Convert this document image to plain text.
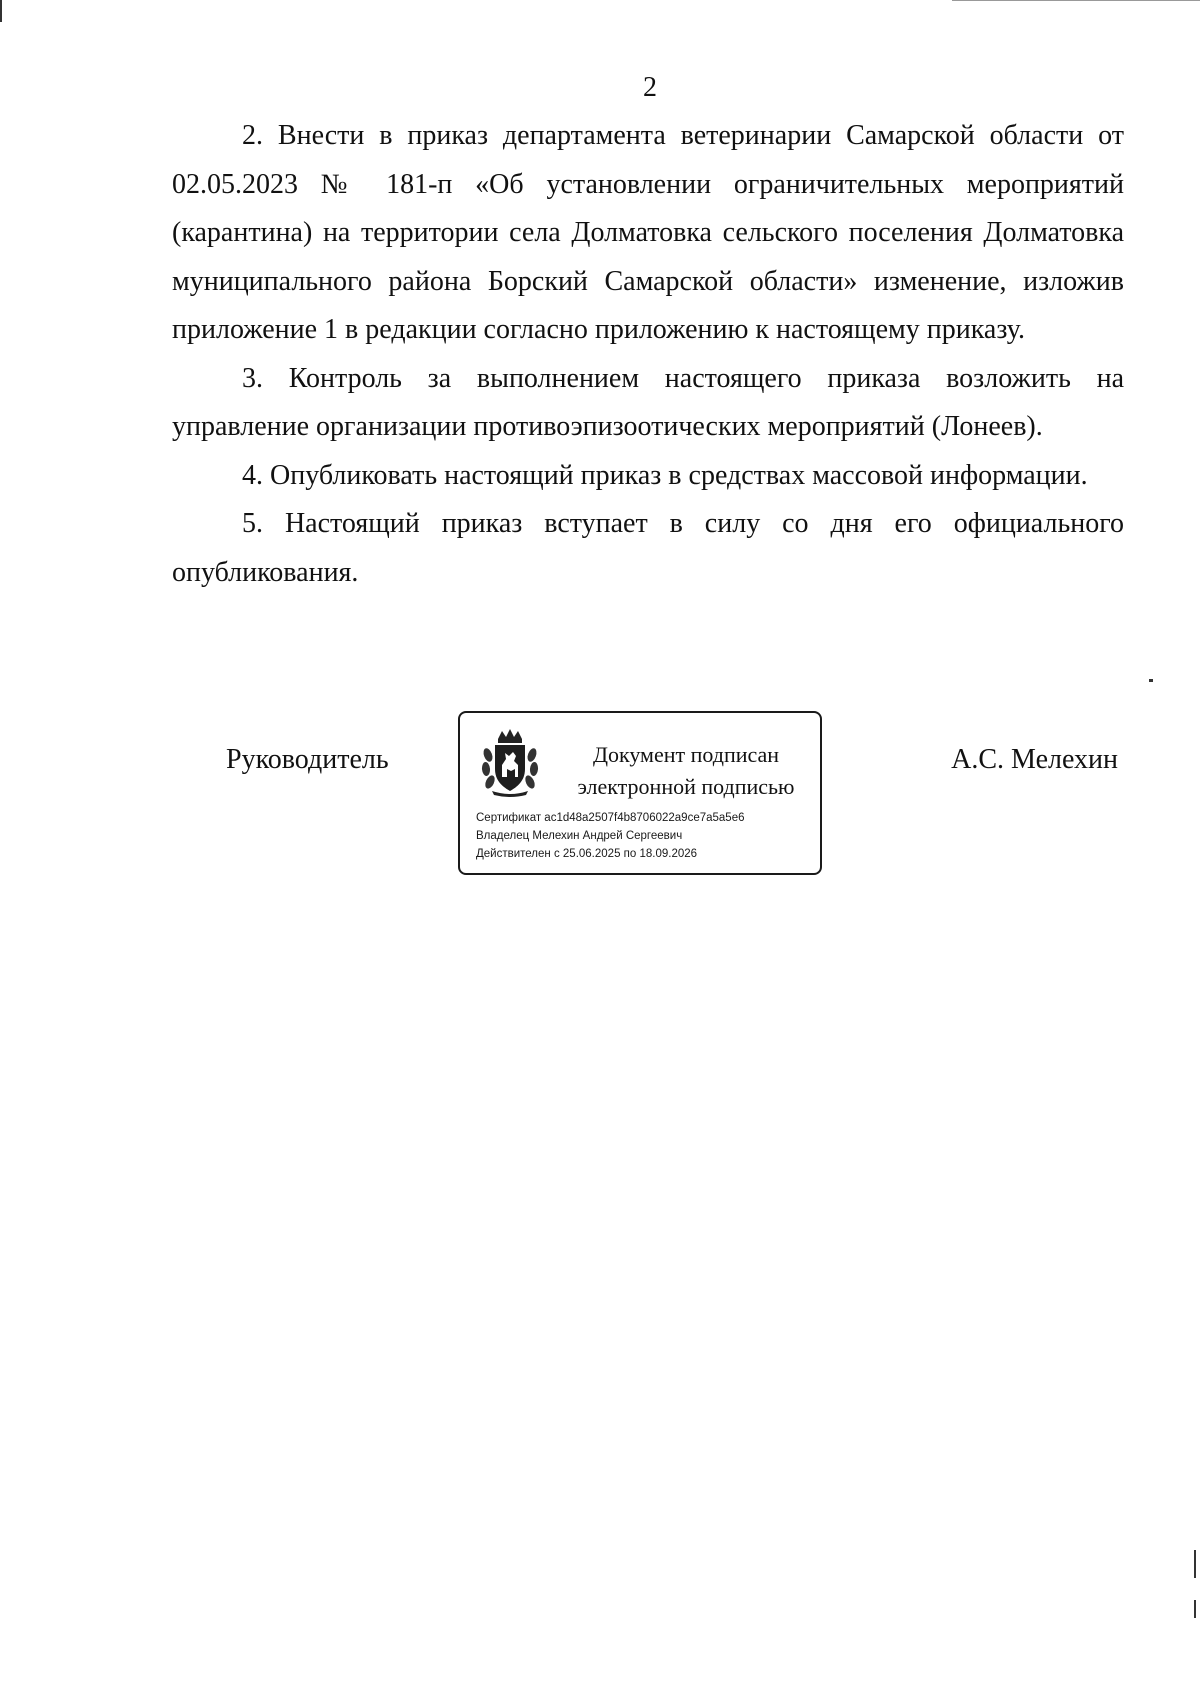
2

2. Внести в приказ департамента ветеринарии Самарской области от 02.05.2023 № 181-п «Об установлении ограничительных мероприятий (карантина) на территории села Долматовка сельского поселения Долматовка муниципального района Борский Самарской области» изменение, изложив приложение 1 в редакции согласно приложению к настоящему приказу.

3. Контроль за выполнением настоящего приказа возложить на управление организации противоэпизоотических мероприятий (Лонеев).

4. Опубликовать настоящий приказ в средствах массовой информации.

5. Настоящий приказ вступает в силу со дня его официального опубликования.

Руководитель	Документ подписан
электронной подписью
Сертификат ac1d48a2507f4b8706022a9ce7a5a5e6
Владелец Мелехин Андрей Сергеевич
Действителен с 25.06.2025 по 18.09.2026
А.С. Мелехин
